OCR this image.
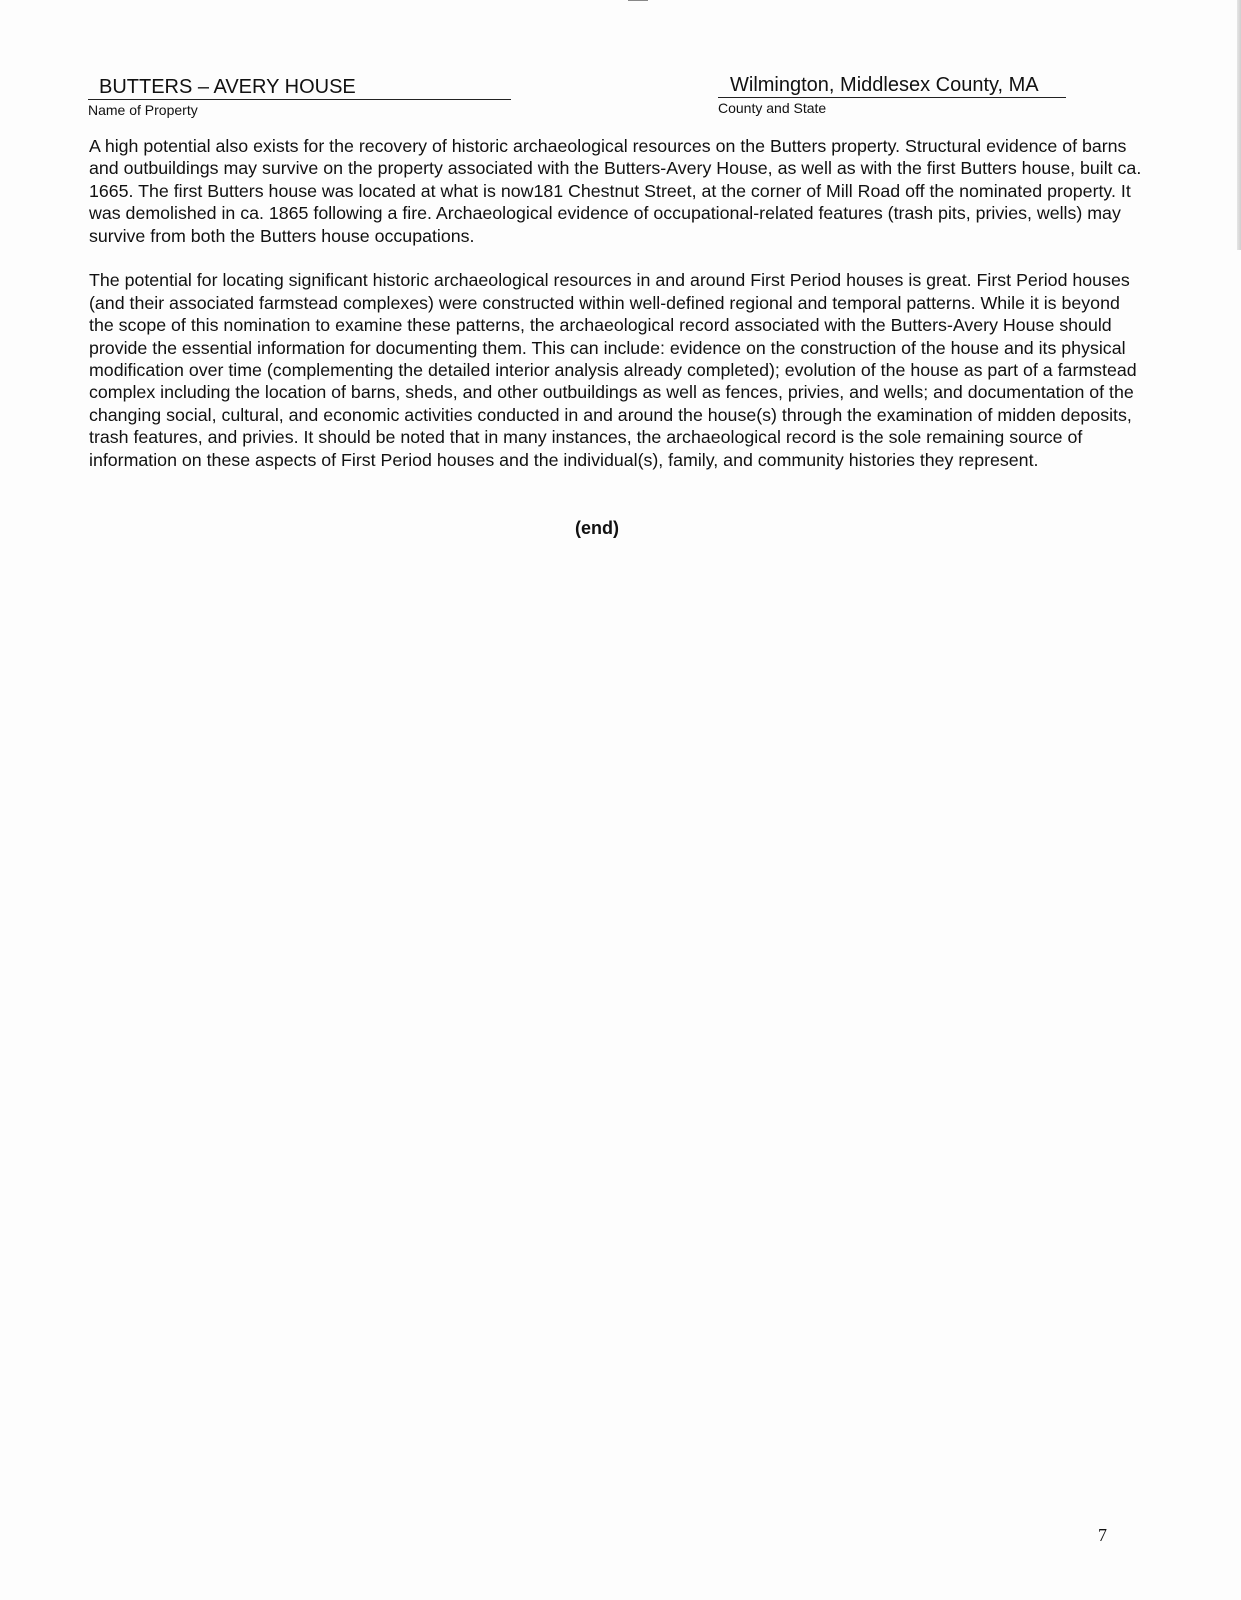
BUTTERS – AVERY HOUSE
Name of Property
Wilmington, Middlesex County, MA
County and State

A high potential also exists for the recovery of historic archaeological resources on the Butters property. Structural evidence of barns and outbuildings may survive on the property associated with the Butters-Avery House, as well as with the first Butters house, built ca. 1665. The first Butters house was located at what is now181 Chestnut Street, at the corner of Mill Road off the nominated property. It was demolished in ca. 1865 following a fire. Archaeological evidence of occupational-related features (trash pits, privies, wells) may survive from both the Butters house occupations.

The potential for locating significant historic archaeological resources in and around First Period houses is great. First Period houses (and their associated farmstead complexes) were constructed within well-defined regional and temporal patterns. While it is beyond the scope of this nomination to examine these patterns, the archaeological record associated with the Butters-Avery House should provide the essential information for documenting them. This can include: evidence on the construction of the house and its physical modification over time (complementing the detailed interior analysis already completed); evolution of the house as part of a farmstead complex including the location of barns, sheds, and other outbuildings as well as fences, privies, and wells; and documentation of the changing social, cultural, and economic activities conducted in and around the house(s) through the examination of midden deposits, trash features, and privies. It should be noted that in many instances, the archaeological record is the sole remaining source of information on these aspects of First Period houses and the individual(s), family, and community histories they represent.

(end)
7
